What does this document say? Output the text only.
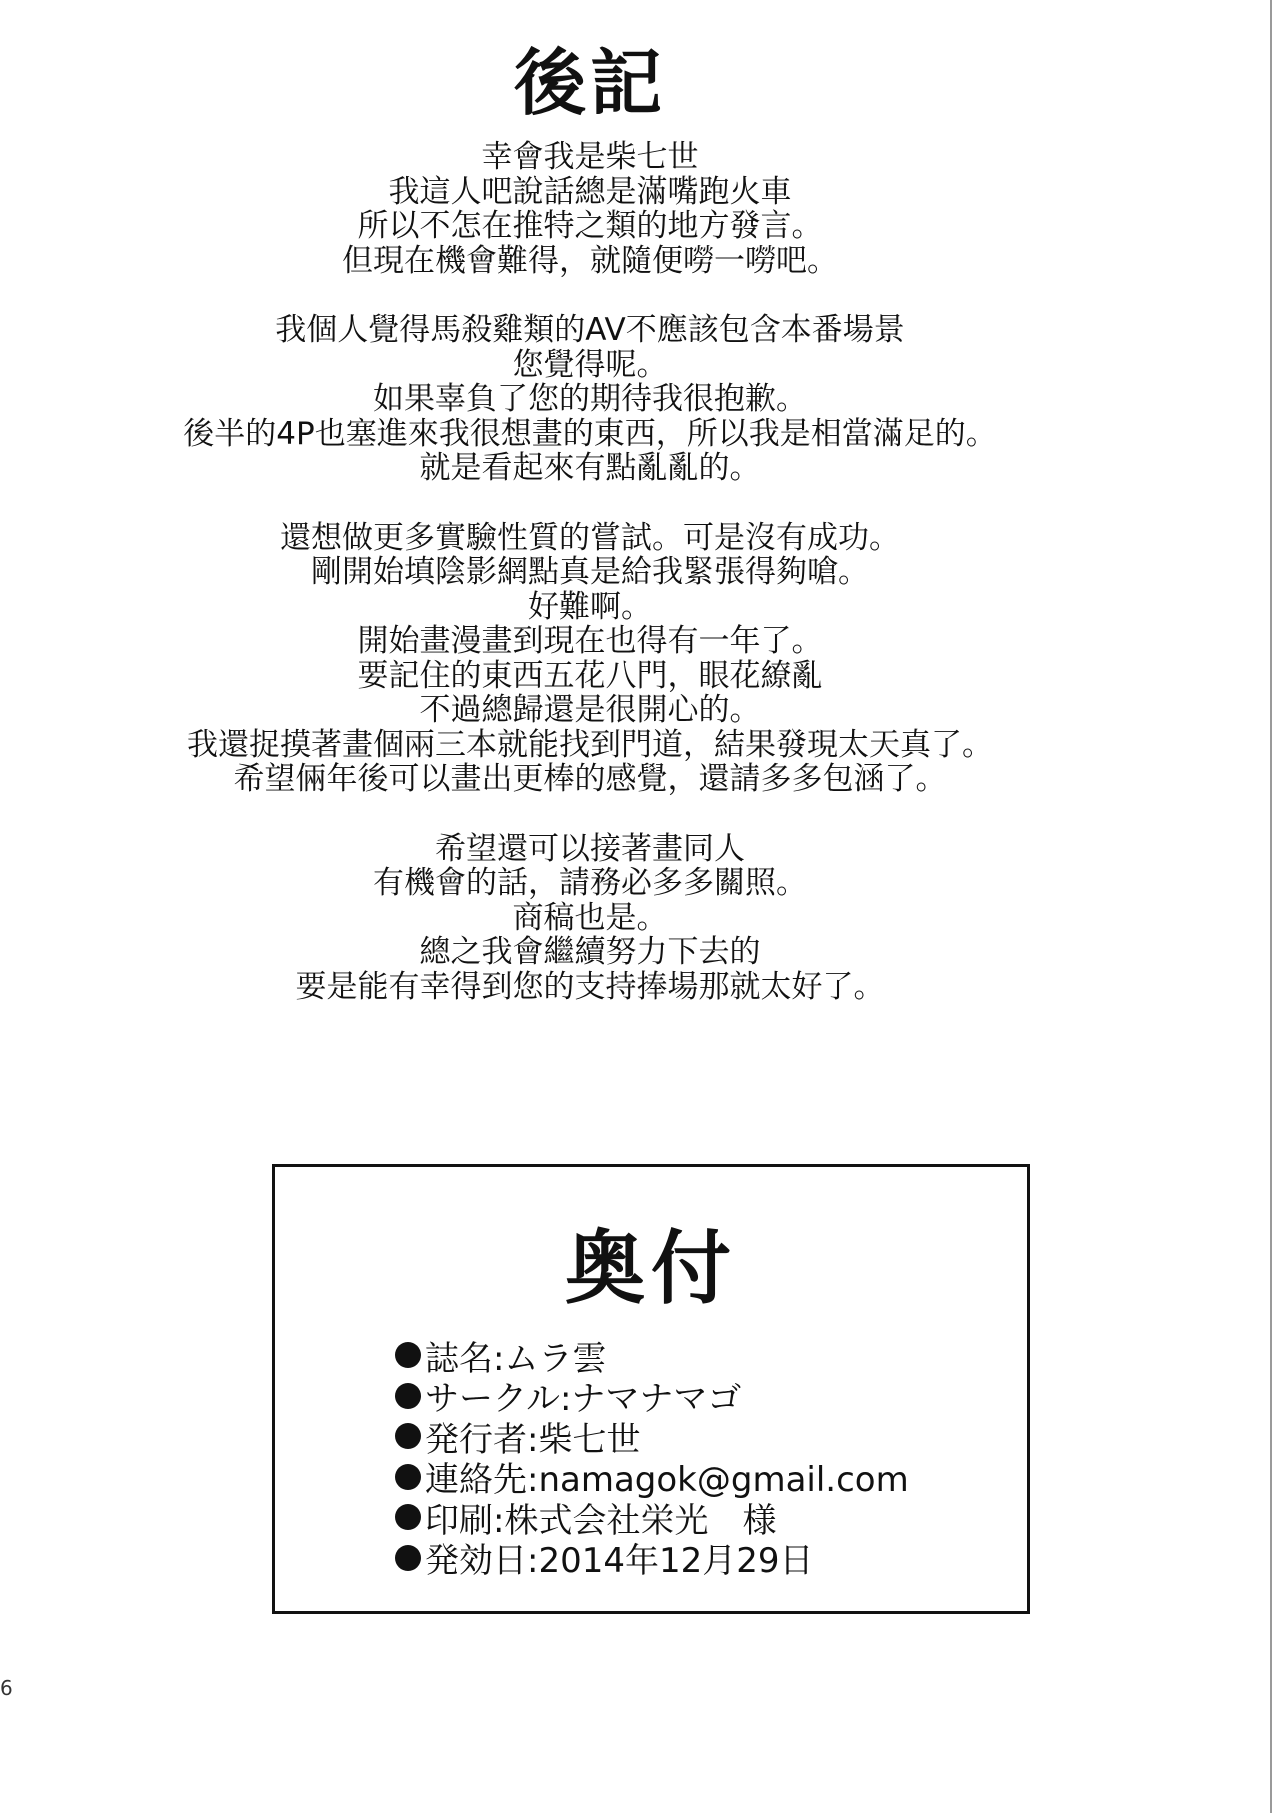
後記
幸會我是柴七世
我這人吧說話總是滿嘴跑火車
所以不怎在推特之類的地方發言。
但現在機會難得，就隨便嘮一嘮吧。
我個人覺得馬殺雞類的AV不應該包含本番場景
您覺得呢。
如果辜負了您的期待我很抱歉。
後半的4P也塞進來我很想畫的東西，所以我是相當滿足的。
就是看起來有點亂亂的。
還想做更多實驗性質的嘗試。可是沒有成功。
剛開始填陰影網點真是給我緊張得夠嗆。
好難啊。
開始畫漫畫到現在也得有一年了。
要記住的東西五花八門，眼花繚亂
不過總歸還是很開心的。
我還捉摸著畫個兩三本就能找到門道，結果發現太天真了。
希望倆年後可以畫出更棒的感覺，還請多多包涵了。
希望還可以接著畫同人
有機會的話，請務必多多關照。
商稿也是。
總之我會繼續努力下去的
要是能有幸得到您的支持捧場那就太好了。
奥付
誌名:ムラ雲
サークル:ナマナマゴ
発行者:柴七世
連絡先:namagok@gmail.com
印刷:株式会社栄光　様
発効日:2014年12月29日
6
